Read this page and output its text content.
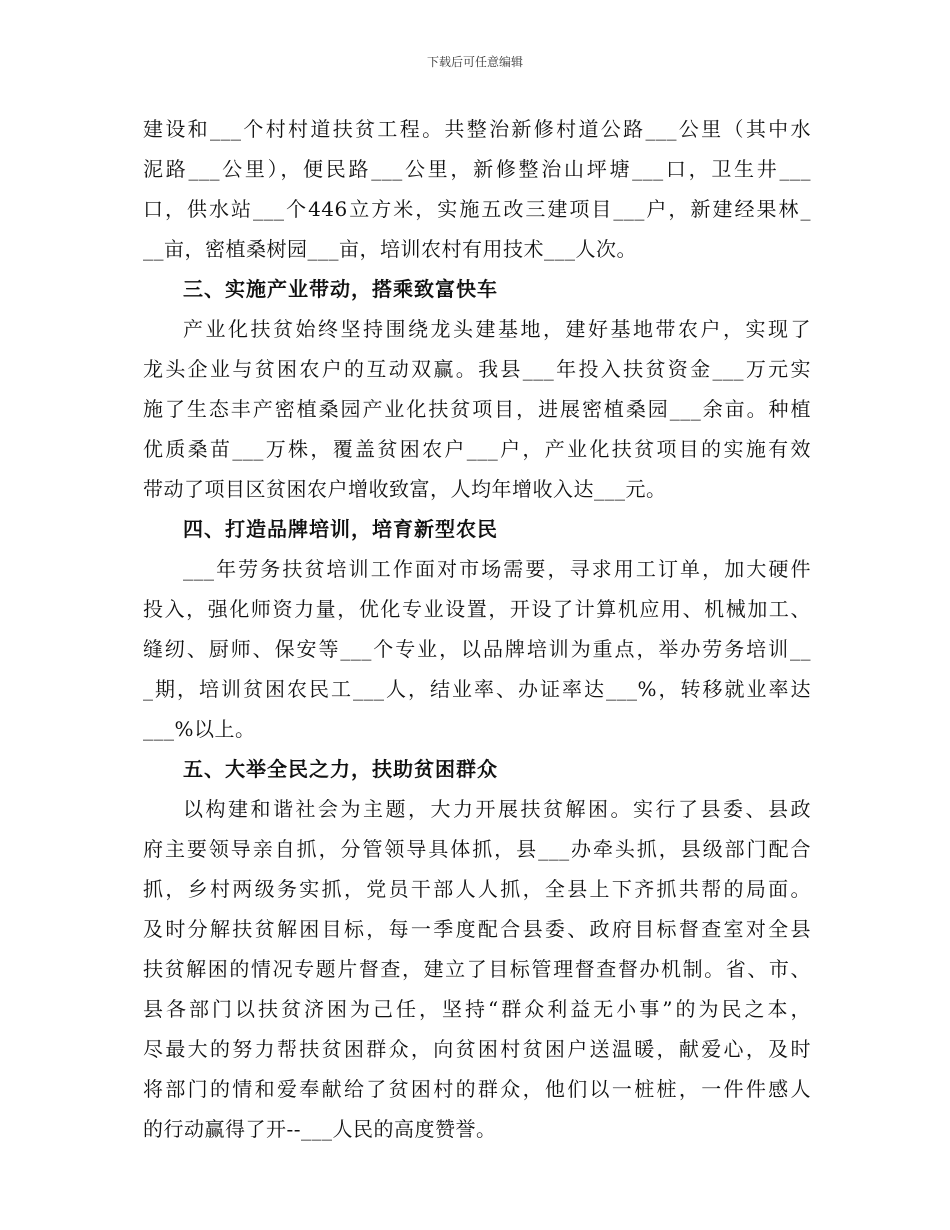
下载后可任意编辑
建设和___个村村道扶贫工程。共整治新修村道公路___公里（其中水
泥路___公里），便民路___公里，新修整治山坪塘___口，卫生井___
口，供水站___个446立方米，实施五改三建项目___户，新建经果林_
__亩，密植桑树园___亩，培训农村有用技术___人次。
三、实施产业带动，搭乘致富快车
产业化扶贫始终坚持围绕龙头建基地，建好基地带农户，实现了
龙头企业与贫困农户的互动双赢。我县___年投入扶贫资金___万元实
施了生态丰产密植桑园产业化扶贫项目，进展密植桑园___余亩。种植
优质桑苗___万株，覆盖贫困农户___户，产业化扶贫项目的实施有效
带动了项目区贫困农户增收致富，人均年增收入达___元。
四、打造品牌培训，培育新型农民
___年劳务扶贫培训工作面对市场需要，寻求用工订单，加大硬件
投入，强化师资力量，优化专业设置，开设了计算机应用、机械加工、
缝纫、厨师、保安等___个专业，以品牌培训为重点，举办劳务培训__
_期，培训贫困农民工___人，结业率、办证率达___%，转移就业率达
___%以上。
五、大举全民之力，扶助贫困群众
以构建和谐社会为主题，大力开展扶贫解困。实行了县委、县政
府主要领导亲自抓，分管领导具体抓，县___办牵头抓，县级部门配合
抓，乡村两级务实抓，党员干部人人抓，全县上下齐抓共帮的局面。
及时分解扶贫解困目标，每一季度配合县委、政府目标督查室对全县
扶贫解困的情况专题片督查，建立了目标管理督查督办机制。省、市、
县各部门以扶贫济困为己任，坚持“群众利益无小事”的为民之本，
尽最大的努力帮扶贫困群众，向贫困村贫困户送温暖，献爱心，及时
将部门的情和爱奉献给了贫困村的群众，他们以一桩桩，一件件感人
的行动赢得了开--___人民的高度赞誉。
